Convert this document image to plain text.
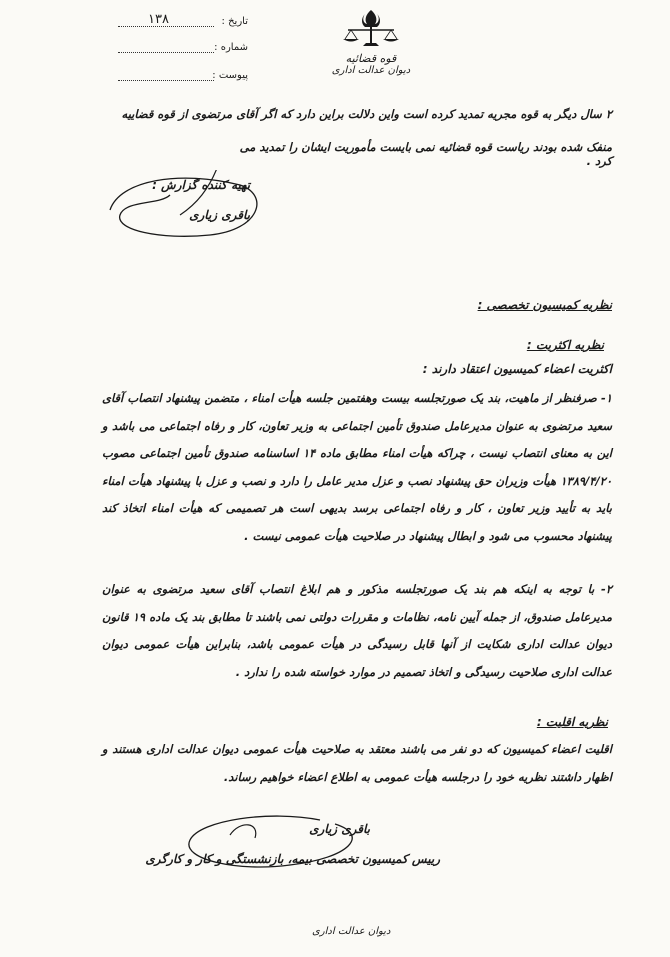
قوه قضائیه
دیوان عدالت اداری
تاریخ :
۱۳۸
شماره :
پیوست :
۲ سال دیگر به قوه مجریه تمدید کرده است واین دلالت براین دارد که اگر آقای مرتضوی از قوه قضاییه
منفک شده بودند ریاست قوه قضائیه نمی بایست مأموریت ایشان را تمدید می کرد .
تهیه کننده گزارش :
باقری زیاری
نظریه کمیسیون تخصصی :
نظریه اکثریت :
اکثریت اعضاء کمیسیون اعتقاد دارند :
۱- صرفنظر از ماهیت، بند یک صورتجلسه بیست وهفتمین جلسه هیأت امناء ، متضمن پیشنهاد انتصاب آقای سعید مرتضوی به عنوان مدیرعامل صندوق تأمین اجتماعی به وزیر تعاون، کار و رفاه اجتماعی می باشد و این به معنای انتصاب نیست ، چراکه هیأت امناء مطابق ماده ۱۴ اساسنامه صندوق تأمین اجتماعی مصوب ۱۳۸۹/۴/۲۰ هیأت وزیران حق پیشنهاد نصب و عزل مدیر عامل را دارد و نصب و عزل با پیشنهاد هیأت امناء باید به تأیید وزیر تعاون ، کار و رفاه اجتماعی برسد بدیهی است هر تصمیمی که هیأت امناء اتخاذ کند پیشنهاد محسوب می شود و ابطال پیشنهاد در صلاحیت هیأت عمومی نیست .
۲- با توجه به اینکه هم بند یک صورتجلسه مذکور و هم ابلاغ انتصاب آقای سعید مرتضوی به عنوان مدیرعامل صندوق، از جمله آیین نامه، نظامات و مقررات دولتی نمی باشند تا مطابق بند یک ماده ۱۹ قانون دیوان عدالت اداری شکایت از آنها قابل رسیدگی در هیأت عمومی باشد، بنابراین هیأت عمومی دیوان عدالت اداری صلاحیت رسیدگی و اتخاذ تصمیم در موارد خواسته شده را ندارد .
نظریه اقلیت :
اقلیت اعضاء کمیسیون که دو نفر می باشند معتقد به صلاحیت هیأت عمومی دیوان عدالت اداری هستند و اظهار داشتند نظریه خود را درجلسه هیأت عمومی به اطلاع اعضاء خواهیم رساند.
باقری زیاری
رییس کمیسیون تخصصی بیمه، بازنشستگی و کار و کارگری
دیوان عدالت اداری
